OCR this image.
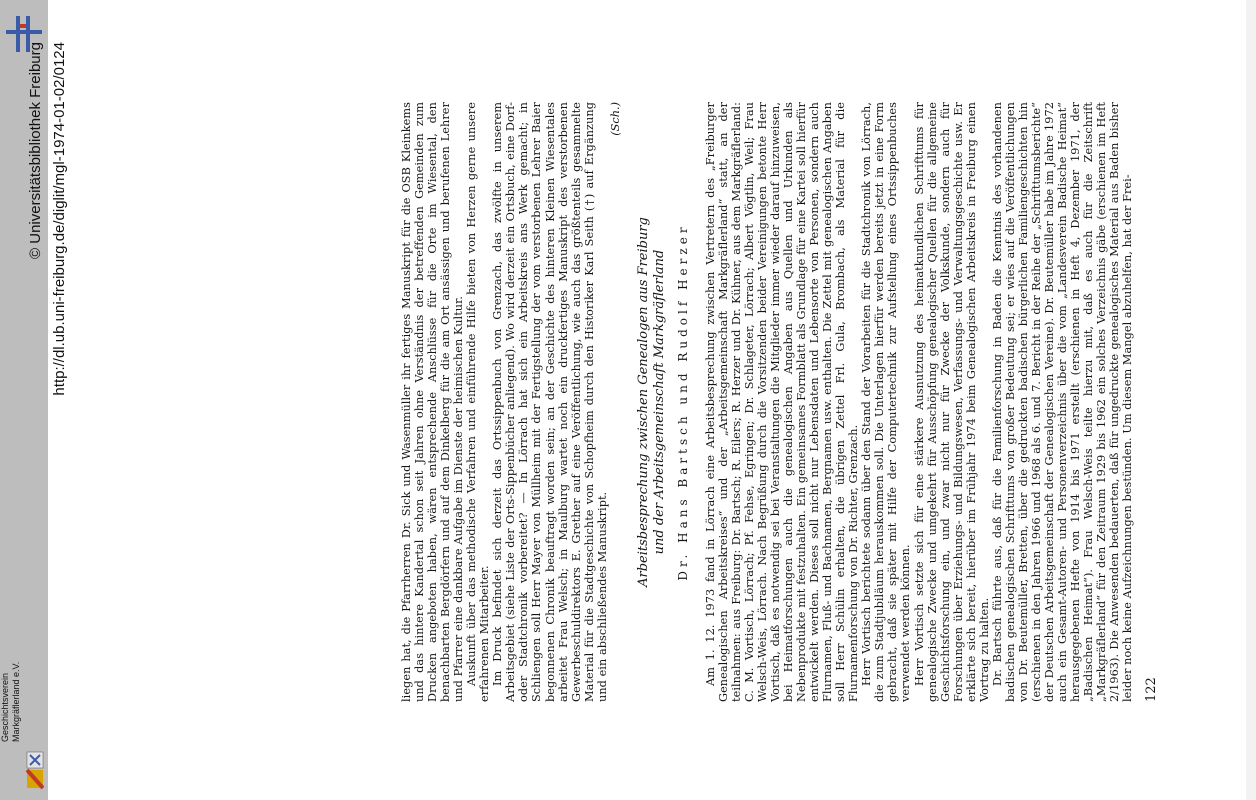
http://dl.ub.uni-freiburg.de/diglit/mgl-1974-01-02/0124
© Universitätsbibliothek Freiburg
Geschichtsverein
Markgräflerland e.V.	liegen hat, die Pfarrherren Dr. Sick und Wasenmüller ihr fertiges Manuskript für die OSB Kleinkems und das hintere Kandertal schon seit Jahren ohne Verständnis der betreffenden Gemeinden zum Drucken angeboten haben, wären entsprechende Anschlüsse für die Orte im Wiesental, den benachbarten Bergdörfern und auf dem Dinkelberg für die am Ort ansässigen und berufenen Lehrer und Pfarrer eine dankbare Aufgabe im Dienste der heimischen Kultur. Auskunft über das methodische Verfahren und einführende Hilfe bieten von Herzen gerne unsere erfahrenen Mitarbeiter. Im Druck befindet sich derzeit das Ortssippenbuch von Grenzach, das zwölfte in unserem Arbeitsgebiet (siehe Liste der Orts-Sippenbücher anliegend). Wo wird derzeit ein Ortsbuch, eine Dorf- oder Stadtchronik vorbereitet? — In Lörrach hat sich ein Arbeitskreis ans Werk gemacht; in Schliengen soll Herr Mayer von Müllheim mit der Fertigstellung der vom verstorbenen Lehrer Baier begonnenen Chronik beauftragt worden sein; an der Geschichte des hinteren Kleinen Wiesentales arbeitet Frau Welsch; in Maulburg wartet noch ein druckfertiges Manuskript des verstorbenen Gewerbeschuldirektors E. Grether auf eine Veröffentlichung, wie auch das größtenteils gesammelte Material für die Stadtgeschichte von Schopfheim durch den Historiker Karl Seith (†) auf Ergänzung und ein abschließendes Manuskript.

(Sch.)

Arbeitsbesprechung zwischen Genealogen aus Freiburg und der Arbeitsgemeinschaft Markgräflerland Dr. Hans Bartsch und Rudolf Herzer Am 1. 12. 1973 fand in Lörrach eine Arbeitsbesprechung zwischen Vertretern des „Freiburger Genealogischen Arbeitskreises“ und der „Arbeitsgemeinschaft Markgräflerland“ statt, an der teilnahmen: aus Freiburg: Dr. Bartsch; R. Eilers; R. Herzer und Dr. Kühner, aus dem Markgräflerland: C. M. Vortisch, Lörrach; Pf. Fehse, Egringen; Dr. Schlageter, Lörrach; Albert Vögtlin, Weil; Frau Welsch-Weis, Lörrach. Nach Begrüßung durch die Vorsitzenden beider Vereinigungen betonte Herr Vortisch, daß es notwendig sei bei Veranstaltungen die Mitglieder immer wieder darauf hinzuweisen, bei Heimatforschungen auch die genealogischen Angaben aus Quellen und Urkunden als Nebenprodukte mit festzuhalten. Ein gemeinsames Formblatt als Grundlage für eine Kartei soll hierfür entwickelt werden. Dieses soll nicht nur Lebensdaten und Lebensorte von Personen, sondern auch Flurnamen, Fluß- und Bachnamen, Bergnamen usw. enthalten. Die Zettel mit genealogischen Angaben soll Herr Schülin erhalten, die übrigen Zettel Frl. Gula, Brombach, als Material für die Flurnamenforschung von Dr. Richter, Grenzach. Herr Vortisch berichtete sodann über den Stand der Vorarbeiten für die Stadtchronik von Lörrach, die zum Stadtjubiläum herauskommen soll. Die Unterlagen hierfür werden bereits jetzt in eine Form gebracht, daß sie später mit Hilfe der Computertechnik zur Aufstellung eines Ortssippenbuches verwendet werden können. Herr Vortisch setzte sich für eine stärkere Ausnutzung des heimatkundlichen Schrifttums für genealogische Zwecke und umgekehrt für Ausschöpfung genealogischer Quellen für die allgemeine Geschichtsforschung ein, und zwar nicht nur für Zwecke der Volkskunde, sondern auch für Forschungen über Erziehungs- und Bildungswesen, Verfassungs- und Verwaltungsgeschichte usw. Er erklärte sich bereit, hierüber im Frühjahr 1974 beim Genealogischen Arbeitskreis in Freiburg einen Vortrag zu halten. Dr. Bartsch führte aus, daß für die Familienforschung in Baden die Kenntnis des vorhandenen badischen genealogischen Schrifttums von großer Bedeutung sei; er wies auf die Veröffentlichungen von Dr. Beutemüller, Bretten, über die gedruckten badischen bürgerlichen Familiengeschichten hin (erschienen in den Jahren 1966 und 1968 als 6. und 7. Bericht in der Reihe der „Schrifttumsberichte“ der Deutschen Arbeitsgemeinschaft der Genealogischen Vereine). Dr. Beutemüller habe im Jahre 1972 auch ein Gesamt-Autoren- und Personenverzeichnis über die vom „Landesverein Badische Heimat“ herausgegebenen Hefte von 1914 bis 1971 erstellt (erschienen in Heft 4, Dezember 1971, der „Badischen Heimat“). Frau Welsch-Weis teilte hierzu mit, daß es auch für die Zeitschrift „Markgräflerland“ für den Zeitraum 1929 bis 1962 ein solches Verzeichnis gäbe (erschienen im Heft 2/1963). Die Anwesenden bedauerten, daß für ungedruckte genealogisches Material aus Baden bisher leider noch keine Aufzeichnungen bestünden. Um diesem Mangel abzuhelfen, hat der Frei- 122
